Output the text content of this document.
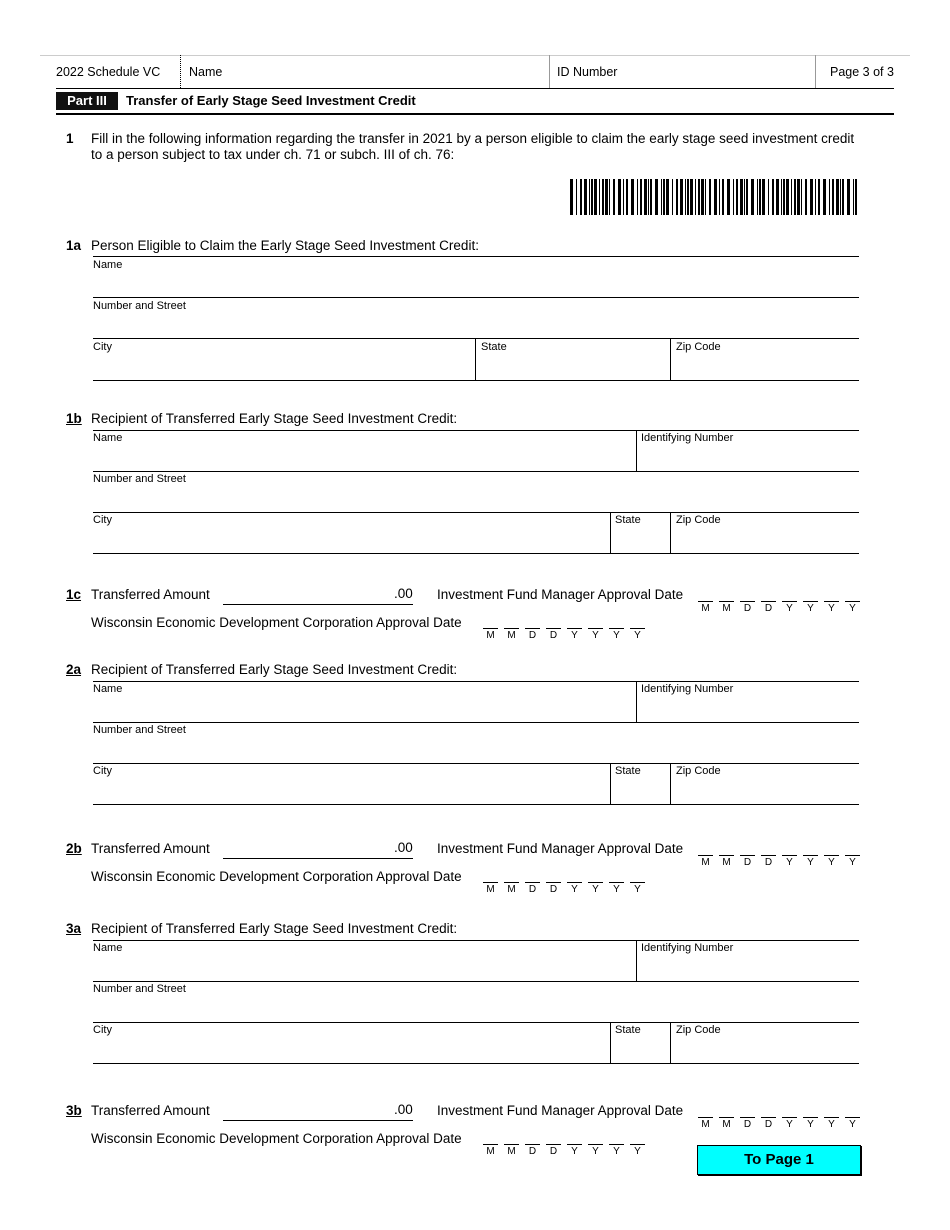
2022 Schedule VC Name	ID Number	Page 3 of 3
Part III	Transfer of Early Stage Seed Investment Credit
1 Fill in the following information regarding the transfer in 2021 by a person eligible to claim the early stage seed investment credit to a person subject to tax under ch. 71 or subch. III of ch. 76:
1a Person Eligible to Claim the Early Stage Seed Investment Credit:
Name
Number and Street
City	State	Zip Code
1b Recipient of Transferred Early Stage Seed Investment Credit:
Name	Identifying Number
Number and Street
City	State	Zip Code
1c Transferred Amount	.00 Investment Fund Manager Approval Date
M	M	D	D	Y	Y	Y	Y
Wisconsin Economic Development Corporation Approval Date
M	M	D	D	Y	Y	Y	Y
2a Recipient of Transferred Early Stage Seed Investment Credit:
Name	Identifying Number
Number and Street
City	State	Zip Code
2b Transferred Amount	.00 Investment Fund Manager Approval Date
M	M	D	D	Y	Y	Y	Y
Wisconsin Economic Development Corporation Approval Date
M	M	D	D	Y	Y	Y	Y
3a Recipient of Transferred Early Stage Seed Investment Credit:
Name	Identifying Number
Number and Street
City	State	Zip Code
3b Transferred Amount	.00 Investment Fund Manager Approval Date
M	M	D	D	Y	Y	Y	Y
Wisconsin Economic Development Corporation Approval Date
M	M	D	D	Y	Y	Y	Y	To Page 1
